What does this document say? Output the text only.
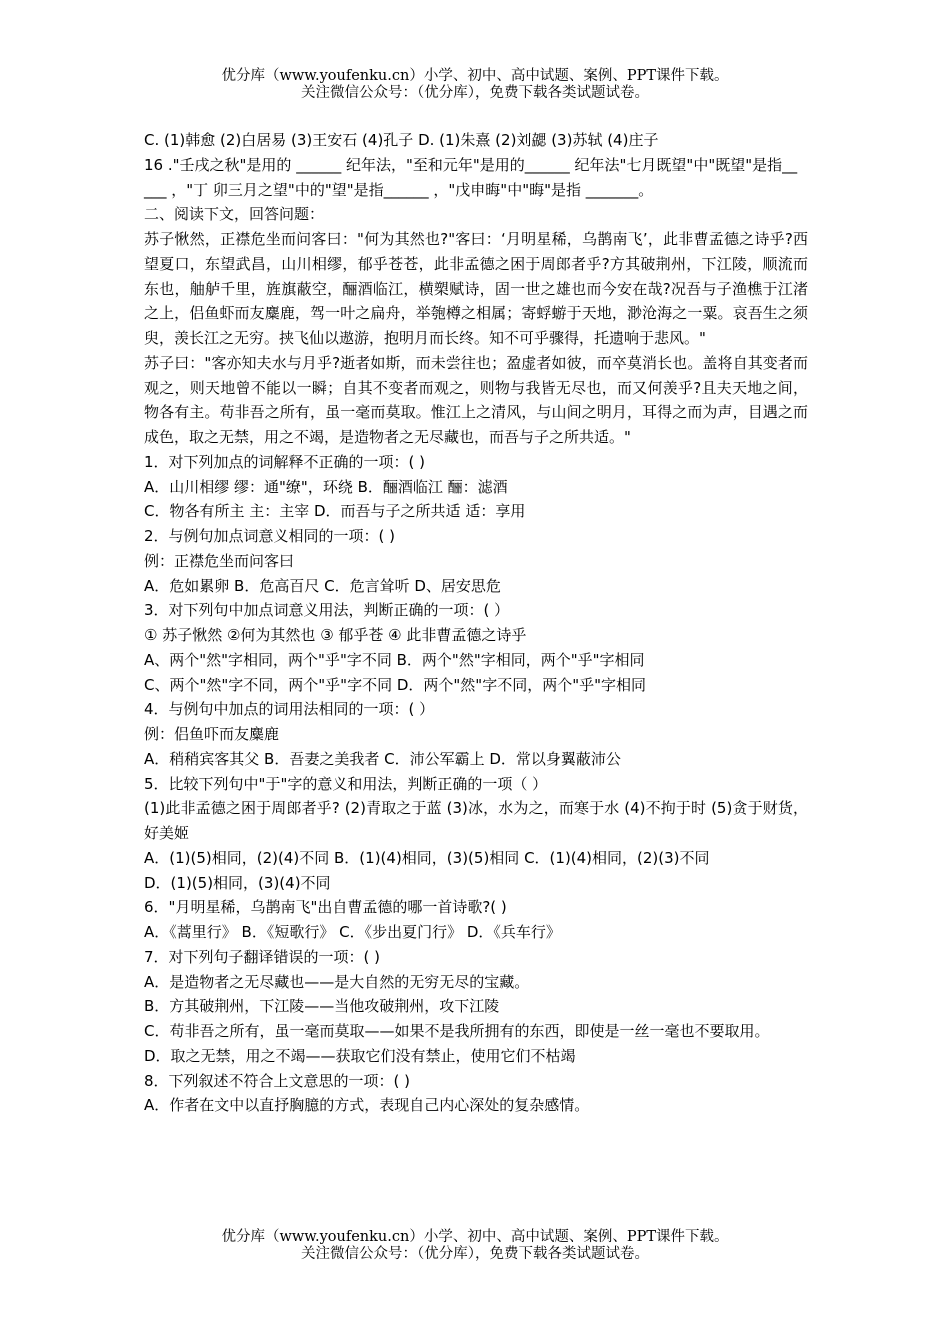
优分库（www.youfenku.cn）小学、初中、高中试题、案例、PPT课件下载。
关注微信公众号：（优分库），免费下载各类试题试卷。

C. (1)韩愈 (2)白居易 (3)王安石 (4)孔子 D. (1)朱熹 (2)刘勰 (3)苏轼 (4)庄子

16 ."壬戌之秋"是用的 ______ 纪年法，"至和元年"是用的______ 纪年法"七月既望"中"既望"是指__

___ ，"丁 卯三月之望"中的"望"是指______ ，"戊申晦"中"晦"是指 _______。

二、阅读下文，回答问题：

苏子愀然，正襟危坐而问客曰："何为其然也?"客曰：‘月明星稀，乌鹊南飞’，此非曹孟德之诗乎?西望夏口，东望武昌，山川相缪，郁乎苍苍，此非孟德之困于周郎者乎?方其破荆州，下江陵，顺流而东也，舳舻千里，旌旗蔽空，酾酒临江，横槊赋诗，固一世之雄也而今安在哉?况吾与子渔樵于江渚之上，侣鱼虾而友麋鹿，驾一叶之扁舟，举匏樽之相属；寄蜉蝣于天地，渺沧海之一粟。哀吾生之须臾，羡长江之无穷。挟飞仙以遨游，抱明月而长终。知不可乎骤得，托遗响于悲风。"

苏子曰："客亦知夫水与月乎?逝者如斯，而未尝往也；盈虚者如彼，而卒莫消长也。盖将自其变者而观之，则天地曾不能以一瞬；自其不变者而观之，则物与我皆无尽也，而又何羡乎?且夫天地之间，物各有主。苟非吾之所有，虽一毫而莫取。惟江上之清风，与山间之明月，耳得之而为声，目遇之而成色，取之无禁，用之不竭，是造物者之无尽藏也，而吾与子之所共适。"

1．对下列加点的词解释不正确的一项：( )

A．山川相缪 缪：通"缭"，环绕 B．酾酒临江 酾：滤酒

C．物各有所主 主：主宰 D．而吾与子之所共适 适：享用

2．与例句加点词意义相同的一项：( )

例：正襟危坐而问客曰

A．危如累卵 B．危高百尺 C．危言耸听 D、居安思危

3．对下列句中加点词意义用法，判断正确的一项：( ）

① 苏子愀然 ②何为其然也 ③ 郁乎苍 ④ 此非曹孟德之诗乎

A、两个"然"字相同，两个"乎"字不同 B．两个"然"字相同，两个"乎"字相同

C、两个"然"字不同，两个"乎"字不同 D．两个"然"字不同，两个"乎"字相同

4．与例句中加点的词用法相同的一项：( ）

例：侣鱼吓而友麋鹿

A．稍稍宾客其父 B．吾妻之美我者 C．沛公军霸上 D．常以身翼蔽沛公

5．比较下列句中"于"字的意义和用法，判断正确的一项（ ）

(1)此非孟德之困于周郎者乎? (2)青取之于蓝 (3)冰，水为之，而寒于水 (4)不拘于时 (5)贪于财货，好美姬

A．(1)(5)相同，(2)(4)不同 B．(1)(4)相同，(3)(5)相同 C．(1)(4)相同，(2)(3)不同

D．(1)(5)相同，(3)(4)不同

6．"月明星稀，乌鹊南飞"出自曹孟德的哪一首诗歌?( )

A．《蒿里行》 B．《短歌行》 C．《步出夏门行》 D．《兵车行》

7．对下列句子翻译错误的一项：( )

A．是造物者之无尽藏也——是大自然的无穷无尽的宝藏。

B．方其破荆州，下江陵——当他攻破荆州，攻下江陵

C．苟非吾之所有，虽一毫而莫取——如果不是我所拥有的东西，即使是一丝一毫也不要取用。

D．取之无禁，用之不竭——获取它们没有禁止，使用它们不枯竭

8．下列叙述不符合上文意思的一项：( )

A．作者在文中以直抒胸臆的方式，表现自己内心深处的复杂感情。

优分库（www.youfenku.cn）小学、初中、高中试题、案例、PPT课件下载。
关注微信公众号：（优分库），免费下载各类试题试卷。
